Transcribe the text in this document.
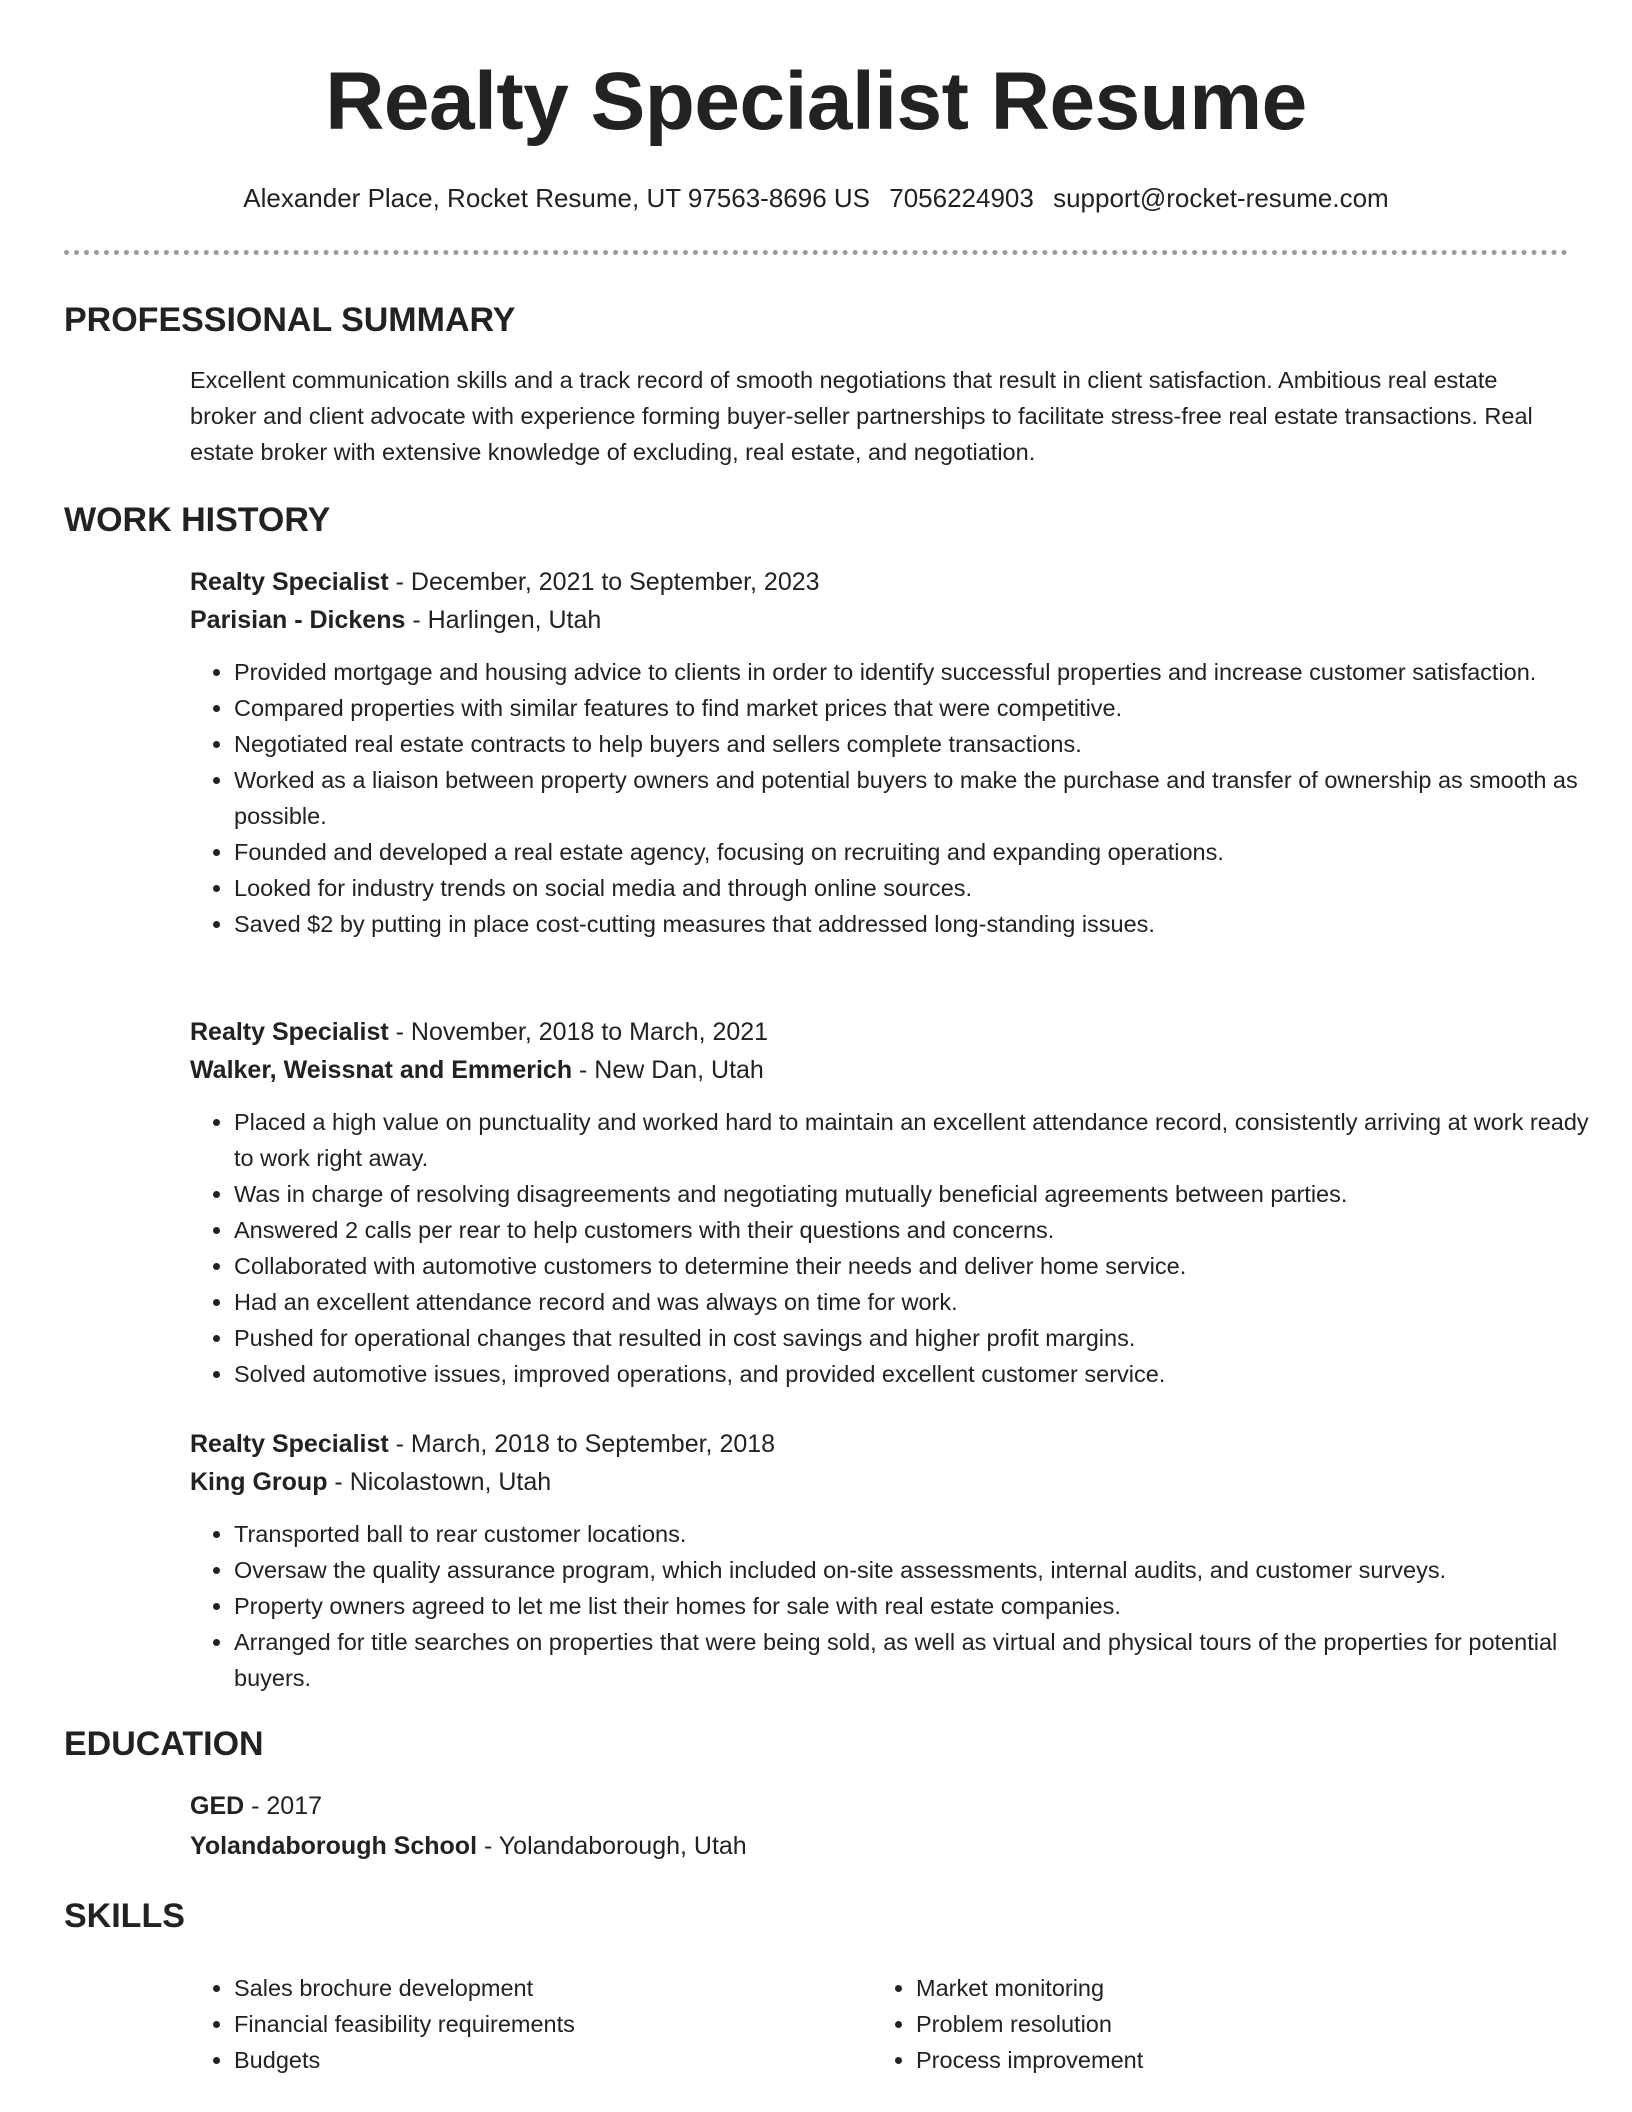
Realty Specialist Resume
Alexander Place, Rocket Resume, UT 97563-8696 US 7056224903 support@rocket-resume.com
PROFESSIONAL SUMMARY
Excellent communication skills and a track record of smooth negotiations that result in client satisfaction. Ambitious real estate broker and client advocate with experience forming buyer-seller partnerships to facilitate stress-free real estate transactions. Real estate broker with extensive knowledge of excluding, real estate, and negotiation.
WORK HISTORY
Realty Specialist - December, 2021 to September, 2023
Parisian - Dickens - Harlingen, Utah
• Provided mortgage and housing advice to clients in order to identify successful properties and increase customer satisfaction.
• Compared properties with similar features to find market prices that were competitive.
• Negotiated real estate contracts to help buyers and sellers complete transactions.
• Worked as a liaison between property owners and potential buyers to make the purchase and transfer of ownership as smooth as possible.
• Founded and developed a real estate agency, focusing on recruiting and expanding operations.
• Looked for industry trends on social media and through online sources.
• Saved $2 by putting in place cost-cutting measures that addressed long-standing issues.
Realty Specialist - November, 2018 to March, 2021
Walker, Weissnat and Emmerich - New Dan, Utah
• Placed a high value on punctuality and worked hard to maintain an excellent attendance record, consistently arriving at work ready to work right away.
• Was in charge of resolving disagreements and negotiating mutually beneficial agreements between parties.
• Answered 2 calls per rear to help customers with their questions and concerns.
• Collaborated with automotive customers to determine their needs and deliver home service.
• Had an excellent attendance record and was always on time for work.
• Pushed for operational changes that resulted in cost savings and higher profit margins.
• Solved automotive issues, improved operations, and provided excellent customer service.
Realty Specialist - March, 2018 to September, 2018
King Group - Nicolastown, Utah
• Transported ball to rear customer locations.
• Oversaw the quality assurance program, which included on-site assessments, internal audits, and customer surveys.
• Property owners agreed to let me list their homes for sale with real estate companies.
• Arranged for title searches on properties that were being sold, as well as virtual and physical tours of the properties for potential buyers.
EDUCATION
GED - 2017
Yolandaborough School - Yolandaborough, Utah
SKILLS
• Sales brochure development
• Financial feasibility requirements
• Budgets
• Market monitoring
• Problem resolution
• Process improvement
